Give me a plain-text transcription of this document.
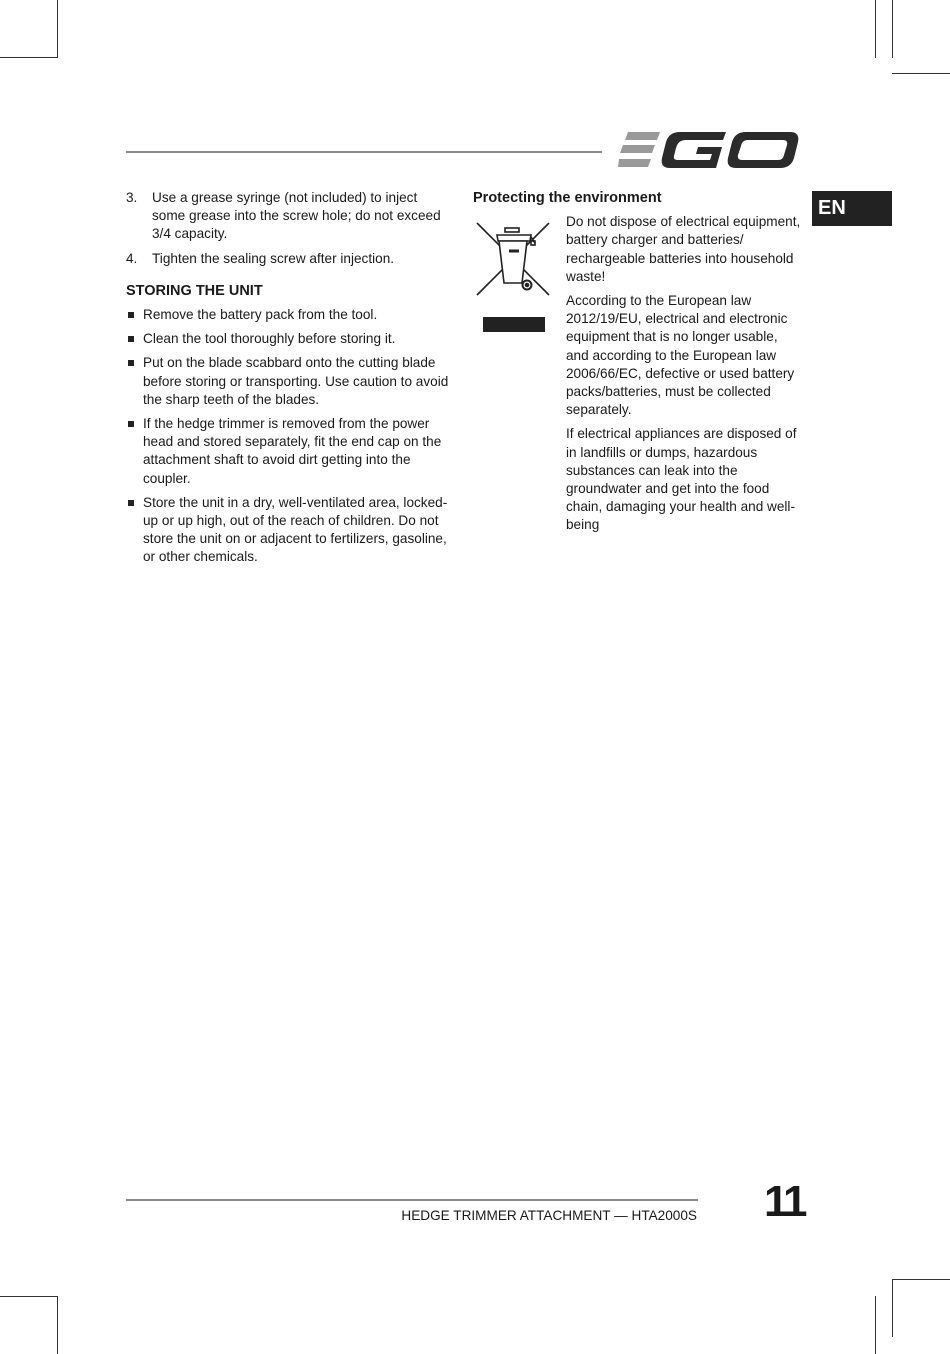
EN
3.	Use a grease syringe (not included) to inject some grease into the screw hole; do not exceed 3/4 capacity.
4.	Tighten the sealing screw after injection.
STORING THE UNIT
Remove the battery pack from the tool.
Clean the tool thoroughly before storing it.
Put on the blade scabbard onto the cutting blade before storing or transporting. Use caution to avoid the sharp teeth of the blades.
If the hedge trimmer is removed from the power head and stored separately, fit the end cap on the attachment shaft to avoid dirt getting into the coupler.
Store the unit in a dry, well-ventilated area, locked-up or up high, out of the reach of children. Do not store the unit on or adjacent to fertilizers, gasoline, or other chemicals.
Protecting the environment

Do not dispose of electrical equipment, battery charger and batteries/ rechargeable batteries into household waste!

According to the European law 2012/19/EU, electrical and electronic equipment that is no longer usable, and according to the European law 2006/66/EC, defective or used battery packs/batteries, must be collected separately.

If electrical appliances are disposed of in landfills or dumps, hazardous substances can leak into the groundwater and get into the food chain, damaging your health and well-being

HEDGE TRIMMER ATTACHMENT — HTA2000S 11
